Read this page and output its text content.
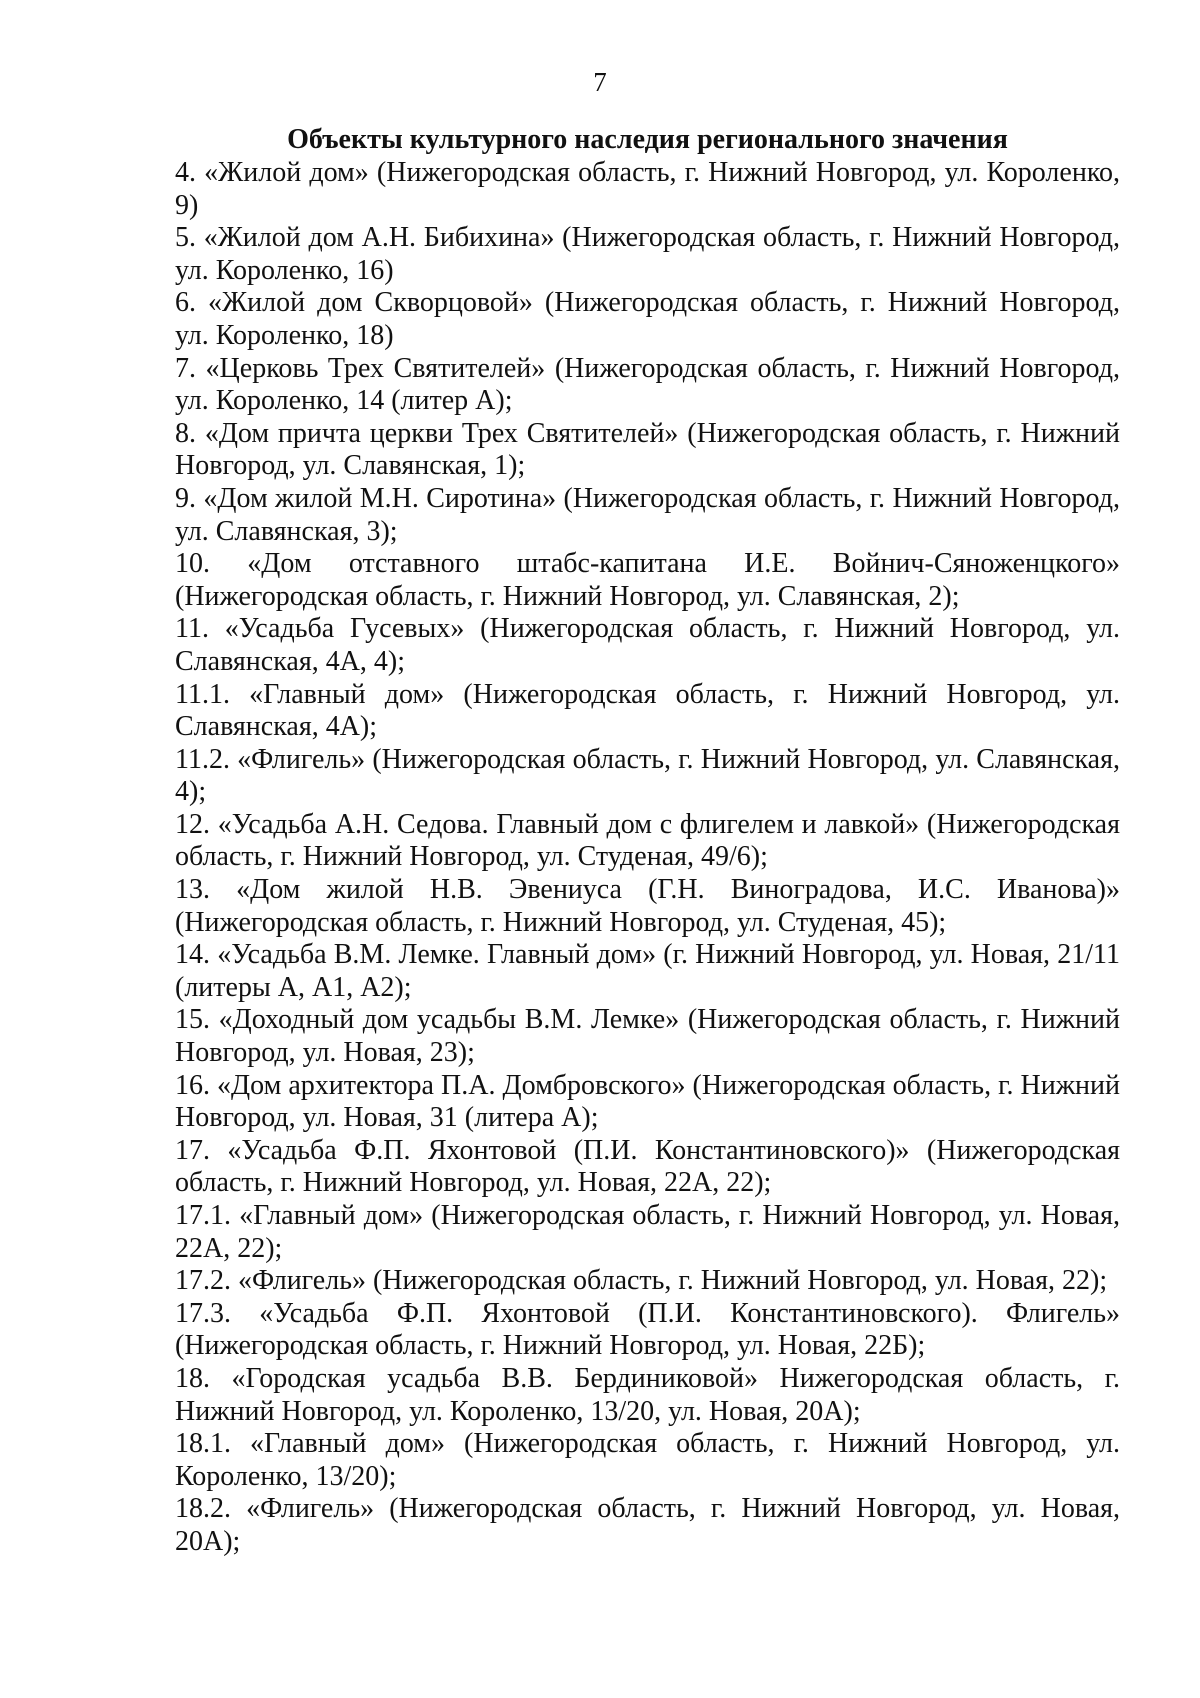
7
Объекты культурного наследия регионального значения

4. «Жилой дом» (Нижегородская область, г. Нижний Новгород, ул. Короленко, 9)

5. «Жилой дом А.Н. Бибихина» (Нижегородская область, г. Нижний Новгород, ул. Короленко, 16)

6. «Жилой дом Скворцовой» (Нижегородская область, г. Нижний Новгород, ул. Короленко, 18)

7. «Церковь Трех Святителей» (Нижегородская область, г. Нижний Новгород, ул. Короленко, 14 (литер А);

8. «Дом причта церкви Трех Святителей» (Нижегородская область, г. Нижний Новгород, ул. Славянская, 1);

9. «Дом жилой М.Н. Сиротина» (Нижегородская область, г. Нижний Новгород, ул. Славянская, 3);

10. «Дом отставного штабс-капитана И.Е. Войнич-Сяноженцкого» (Нижегородская область, г. Нижний Новгород, ул. Славянская, 2);

11. «Усадьба Гусевых» (Нижегородская область, г. Нижний Новгород, ул. Славянская, 4А, 4);

11.1. «Главный дом» (Нижегородская область, г. Нижний Новгород, ул. Славянская, 4А);

11.2. «Флигель» (Нижегородская область, г. Нижний Новгород, ул. Славянская, 4);

12. «Усадьба А.Н. Седова. Главный дом с флигелем и лавкой» (Нижегородская область, г. Нижний Новгород, ул. Студеная, 49/6);

13. «Дом жилой Н.В. Эвениуса (Г.Н. Виноградова, И.С. Иванова)» (Нижегородская область, г. Нижний Новгород, ул. Студеная, 45);

14. «Усадьба В.М. Лемке. Главный дом» (г. Нижний Новгород, ул. Новая, 21/11 (литеры А, А1, А2);

15. «Доходный дом усадьбы В.М. Лемке» (Нижегородская область, г. Нижний Новгород, ул. Новая, 23);

16. «Дом архитектора П.А. Домбровского» (Нижегородская область, г. Нижний Новгород, ул. Новая, 31 (литера А);

17. «Усадьба Ф.П. Яхонтовой (П.И. Константиновского)» (Нижегородская область, г. Нижний Новгород, ул. Новая, 22А, 22);

17.1. «Главный дом» (Нижегородская область, г. Нижний Новгород, ул. Новая, 22А, 22);

17.2. «Флигель» (Нижегородская область, г. Нижний Новгород, ул. Новая, 22);

17.3. «Усадьба Ф.П. Яхонтовой (П.И. Константиновского). Флигель» (Нижегородская область, г. Нижний Новгород, ул. Новая, 22Б);

18. «Городская усадьба В.В. Бердиниковой» Нижегородская область, г. Нижний Новгород, ул. Короленко, 13/20, ул. Новая, 20А);

18.1. «Главный дом» (Нижегородская область, г. Нижний Новгород, ул. Короленко, 13/20);

18.2. «Флигель» (Нижегородская область, г. Нижний Новгород, ул. Новая, 20А);
